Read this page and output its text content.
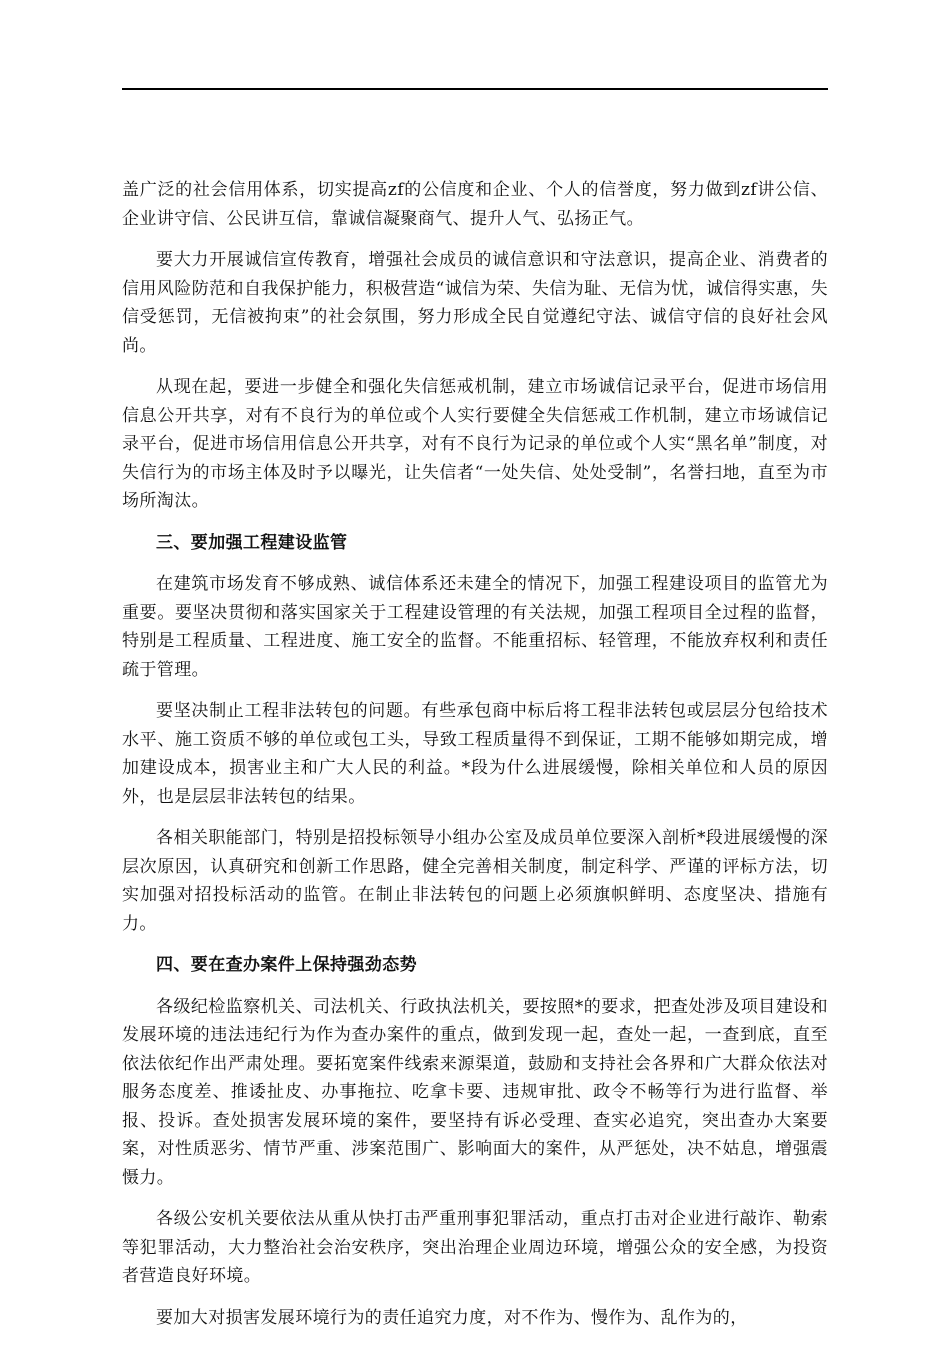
盖广泛的社会信用体系，切实提高zf的公信度和企业、个人的信誉度，努力做到zf讲公信、企业讲守信、公民讲互信，靠诚信凝聚商气、提升人气、弘扬正气。

要大力开展诚信宣传教育，增强社会成员的诚信意识和守法意识，提高企业、消费者的信用风险防范和自我保护能力，积极营造“诚信为荣、失信为耻、无信为忧，诚信得实惠，失信受惩罚，无信被拘束”的社会氛围，努力形成全民自觉遵纪守法、诚信守信的良好社会风尚。

从现在起，要进一步健全和强化失信惩戒机制，建立市场诚信记录平台，促进市场信用信息公开共享，对有不良行为的单位或个人实行要健全失信惩戒工作机制，建立市场诚信记录平台，促进市场信用信息公开共享，对有不良行为记录的单位或个人实“黑名单”制度，对失信行为的市场主体及时予以曝光，让失信者“一处失信、处处受制”，名誉扫地，直至为市场所淘汰。

三、要加强工程建设监管

在建筑市场发育不够成熟、诚信体系还未建全的情况下，加强工程建设项目的监管尤为重要。要坚决贯彻和落实国家关于工程建设管理的有关法规，加强工程项目全过程的监督，特别是工程质量、工程进度、施工安全的监督。不能重招标、轻管理，不能放弃权利和责任疏于管理。

要坚决制止工程非法转包的问题。有些承包商中标后将工程非法转包或层层分包给技术水平、施工资质不够的单位或包工头，导致工程质量得不到保证，工期不能够如期完成，增加建设成本，损害业主和广大人民的利益。*段为什么进展缓慢，除相关单位和人员的原因外，也是层层非法转包的结果。

各相关职能部门，特别是招投标领导小组办公室及成员单位要深入剖析*段进展缓慢的深层次原因，认真研究和创新工作思路，健全完善相关制度，制定科学、严谨的评标方法，切实加强对招投标活动的监管。在制止非法转包的问题上必须旗帜鲜明、态度坚决、措施有力。

四、要在查办案件上保持强劲态势

各级纪检监察机关、司法机关、行政执法机关，要按照*的要求，把查处涉及项目建设和发展环境的违法违纪行为作为查办案件的重点，做到发现一起，查处一起，一查到底，直至依法依纪作出严肃处理。要拓宽案件线索来源渠道，鼓励和支持社会各界和广大群众依法对服务态度差、推诿扯皮、办事拖拉、吃拿卡要、违规审批、政令不畅等行为进行监督、举报、投诉。查处损害发展环境的案件，要坚持有诉必受理、查实必追究，突出查办大案要案，对性质恶劣、情节严重、涉案范围广、影响面大的案件，从严惩处，决不姑息，增强震慑力。

各级公安机关要依法从重从快打击严重刑事犯罪活动，重点打击对企业进行敲诈、勒索等犯罪活动，大力整治社会治安秩序，突出治理企业周边环境，增强公众的安全感，为投资者营造良好环境。

要加大对损害发展环境行为的责任追究力度，对不作为、慢作为、乱作为的，
